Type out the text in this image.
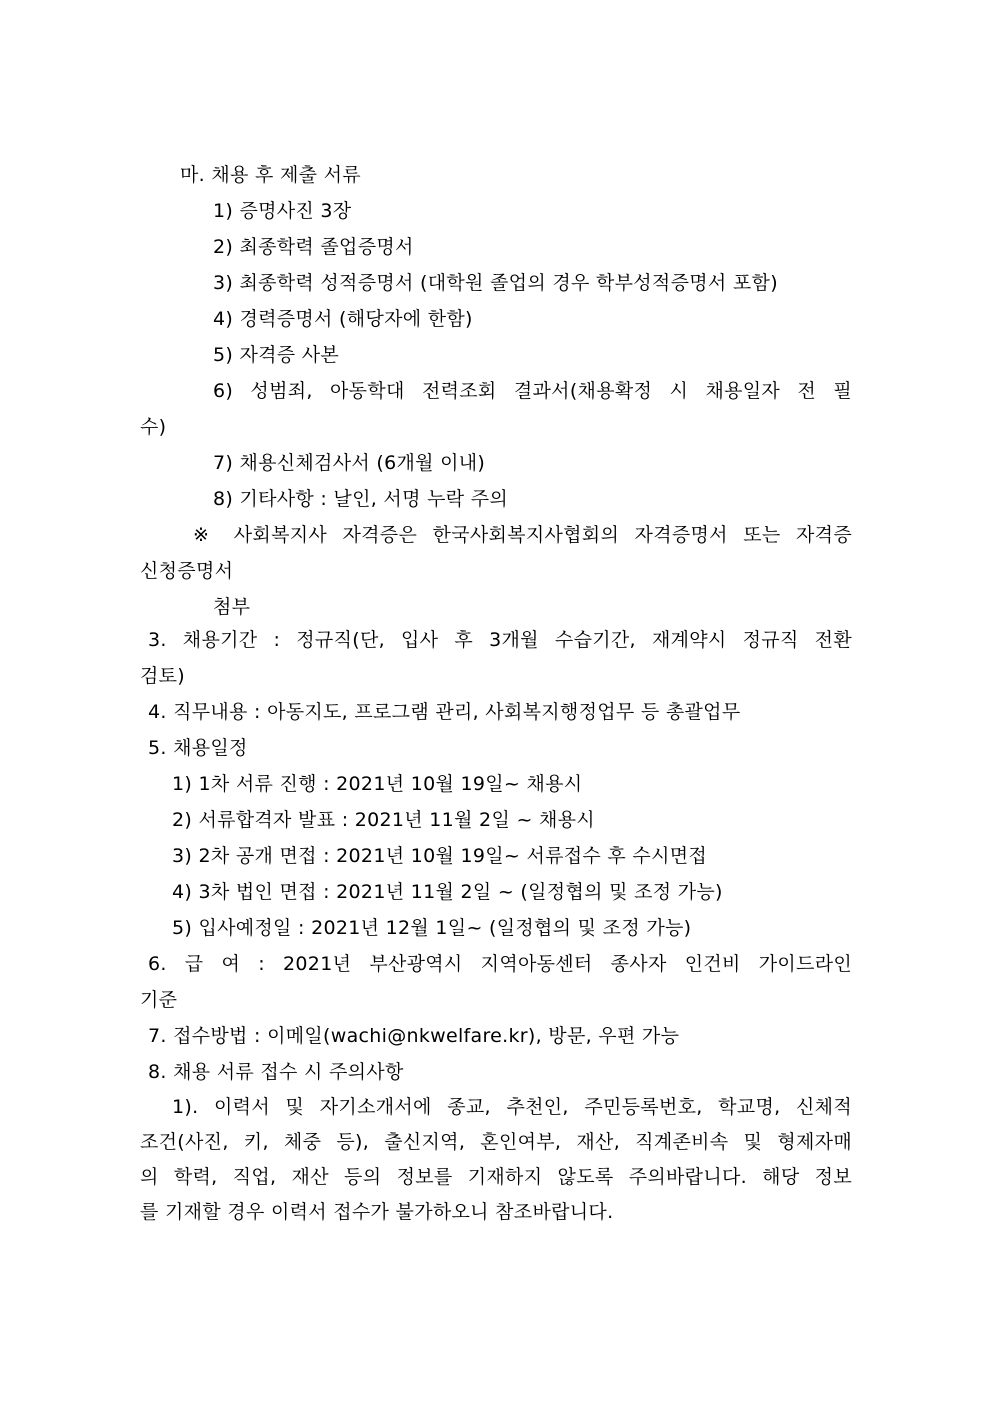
마. 채용 후 제출 서류
1) 증명사진 3장
2) 최종학력 졸업증명서
3) 최종학력 성적증명서 (대학원 졸업의 경우 학부성적증명서 포함)
4) 경력증명서 (해당자에 한함)
5) 자격증 사본
6) 성범죄, 아동학대 전력조회 결과서(채용확정 시 채용일자 전 필
수)
7) 채용신체검사서 (6개월 이내)
8) 기타사항 : 날인, 서명 누락 주의
※ 사회복지사 자격증은 한국사회복지사협회의 자격증명서 또는 자격증
신청증명서
첨부
3. 채용기간 : 정규직(단, 입사 후 3개월 수습기간, 재계약시 정규직 전환
검토)
4. 직무내용 : 아동지도, 프로그램 관리, 사회복지행정업무 등 총괄업무
5. 채용일정
1) 1차 서류 진행 : 2021년 10월 19일~ 채용시
2) 서류합격자 발표 : 2021년 11월 2일 ~ 채용시
3) 2차 공개 면접 : 2021년 10월 19일~ 서류접수 후 수시면접
4) 3차 법인 면접 : 2021년 11월 2일 ~ (일정협의 및 조정 가능)
5) 입사예정일 : 2021년 12월 1일~ (일정협의 및 조정 가능)
6. 급 여 : 2021년 부산광역시 지역아동센터 종사자 인건비 가이드라인
기준
7. 접수방법 : 이메일(wachi@nkwelfare.kr), 방문, 우편 가능
8. 채용 서류 접수 시 주의사항
1). 이력서 및 자기소개서에 종교, 추천인, 주민등록번호, 학교명, 신체적
조건(사진, 키, 체중 등), 출신지역, 혼인여부, 재산, 직계존비속 및 형제자매
의 학력, 직업, 재산 등의 정보를 기재하지 않도록 주의바랍니다. 해당 정보
를 기재할 경우 이력서 접수가 불가하오니 참조바랍니다.
